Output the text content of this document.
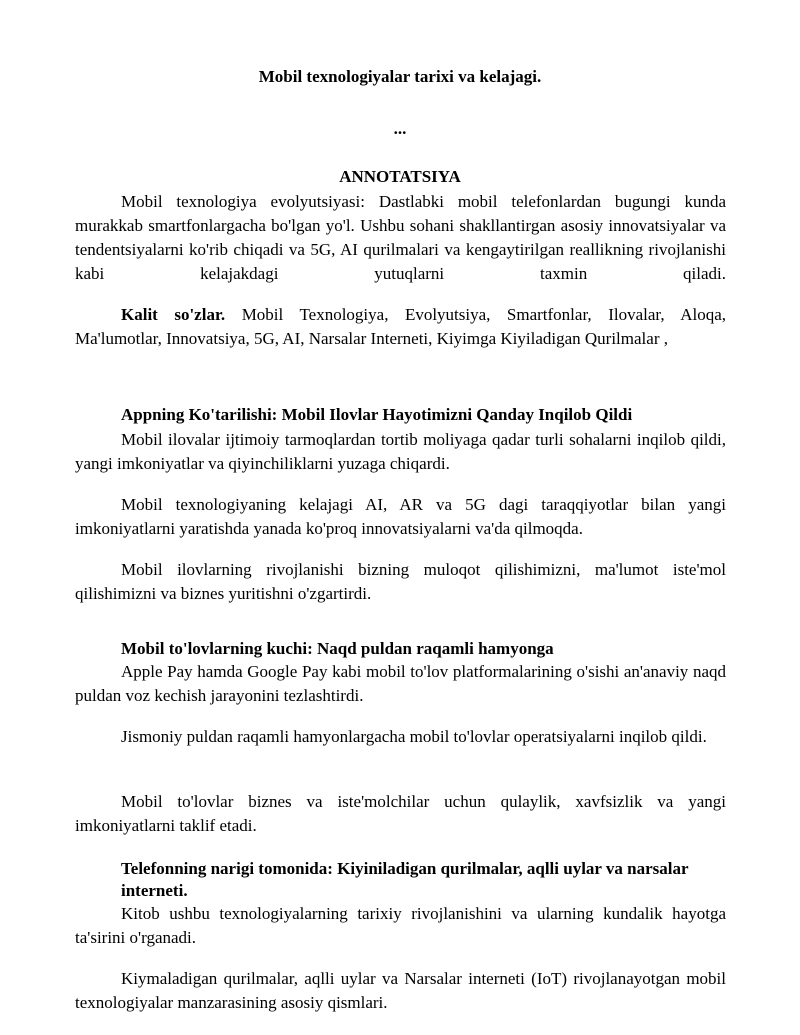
Mobil texnologiyalar tarixi va kelajagi.
...
ANNOTATSIYA

Mobil texnologiya evolyutsiyasi: Dastlabki mobil telefonlardan bugungi kunda murakkab smartfonlargacha bo'lgan yo'l. Ushbu sohani shakllantirgan asosiy innovatsiyalar va tendentsiyalarni ko'rib chiqadi va 5G, AI qurilmalari va kengaytirilgan reallikning rivojlanishi kabi kelajakdagi yutuqlarni taxmin qiladi.

Kalit so'zlar. Mobil Texnologiya, Evolyutsiya, Smartfonlar, Ilovalar, Aloqa, Ma'lumotlar, Innovatsiya, 5G, AI, Narsalar Interneti, Kiyimga Kiyiladigan Qurilmalar ,

Appning Ko'tarilishi: Mobil Ilovlar Hayotimizni Qanday Inqilob Qildi

Mobil ilovalar ijtimoiy tarmoqlardan tortib moliyaga qadar turli sohalarni inqilob qildi, yangi imkoniyatlar va qiyinchiliklarni yuzaga chiqardi.

Mobil texnologiyaning kelajagi AI, AR va 5G dagi taraqqiyotlar bilan yangi imkoniyatlarni yaratishda yanada ko'proq innovatsiyalarni va'da qilmoqda.

Mobil ilovlarning rivojlanishi bizning muloqot qilishimizni, ma'lumot iste'mol qilishimizni va biznes yuritishni o'zgartirdi.

Mobil to'lovlarning kuchi: Naqd puldan raqamli hamyonga

Apple Pay hamda Google Pay kabi mobil to'lov platformalarining o'sishi an'anaviy naqd puldan voz kechish jarayonini tezlashtirdi.

Jismoniy puldan raqamli hamyonlargacha mobil to'lovlar operatsiyalarni inqilob qildi.

Mobil to'lovlar biznes va iste'molchilar uchun qulaylik, xavfsizlik va yangi imkoniyatlarni taklif etadi.

Telefonning narigi tomonida: Kiyiniladigan qurilmalar, aqlli uylar va narsalar interneti.

Kitob ushbu texnologiyalarning tarixiy rivojlanishini va ularning kundalik hayotga ta'sirini o'rganadi.

Kiymaladigan qurilmalar, aqlli uylar va Narsalar interneti (IoT) rivojlanayotgan mobil texnologiyalar manzarasining asosiy qismlari.
